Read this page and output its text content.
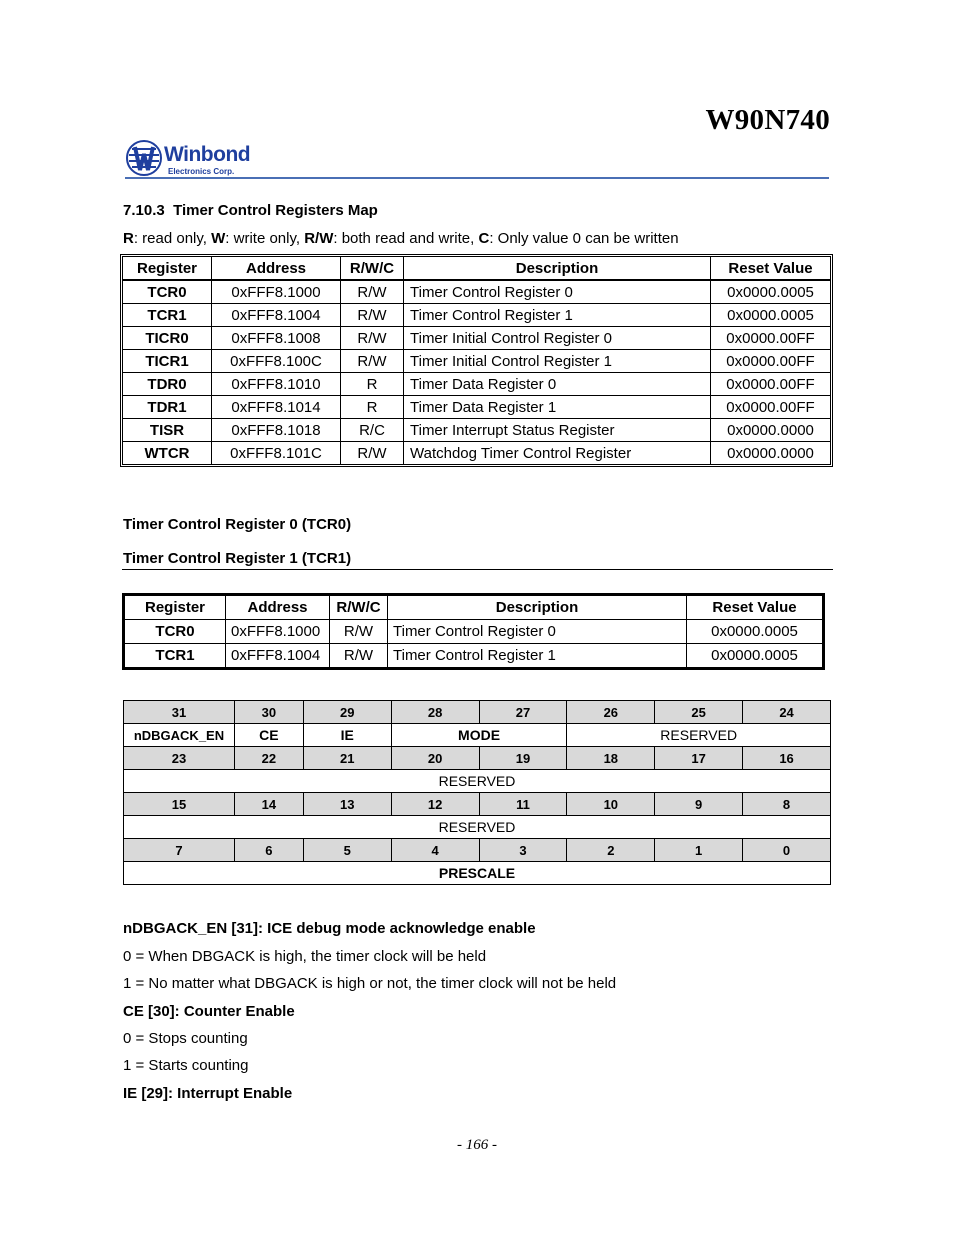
W90N740
Winbond
Electronics Corp.
7.10.3 Timer Control Registers Map
R: read only, W: write only, R/W: both read and write, C: Only value 0 can be written
Register	Address	R/W/C	Description	Reset Value
TCR0	0xFFF8.1000	R/W	Timer Control Register 0	0x0000.0005
TCR1	0xFFF8.1004	R/W	Timer Control Register 1	0x0000.0005
TICR0	0xFFF8.1008	R/W	Timer Initial Control Register 0	0x0000.00FF
TICR1	0xFFF8.100C	R/W	Timer Initial Control Register 1	0x0000.00FF
TDR0	0xFFF8.1010	R	Timer Data Register 0	0x0000.00FF
TDR1	0xFFF8.1014	R	Timer Data Register 1	0x0000.00FF
TISR	0xFFF8.1018	R/C	Timer Interrupt Status Register	0x0000.0000
WTCR	0xFFF8.101C	R/W	Watchdog Timer Control Register	0x0000.0000
Timer Control Register 0 (TCR0)
Timer Control Register 1 (TCR1)
Register	Address	R/W/C	Description	Reset Value
TCR0	0xFFF8.1000	R/W	Timer Control Register 0	0x0000.0005
TCR1	0xFFF8.1004	R/W	Timer Control Register 1	0x0000.0005
31	30	29	28	27	26	25	24
nDBGACK_EN	CE	IE	MODE		RESERVED		
23	22	21	20	19	18	17	16
RESERVED							
15	14	13	12	11	10	9	8
RESERVED							
7	6	5	4	3	2	1	0
PRESCALE							
nDBGACK_EN [31]: ICE debug mode acknowledge enable
0 = When DBGACK is high, the timer clock will be held
1 = No matter what DBGACK is high or not, the timer clock will not be held
CE [30]: Counter Enable
0 = Stops counting
1 = Starts counting
IE [29]: Interrupt Enable
- 166 -
